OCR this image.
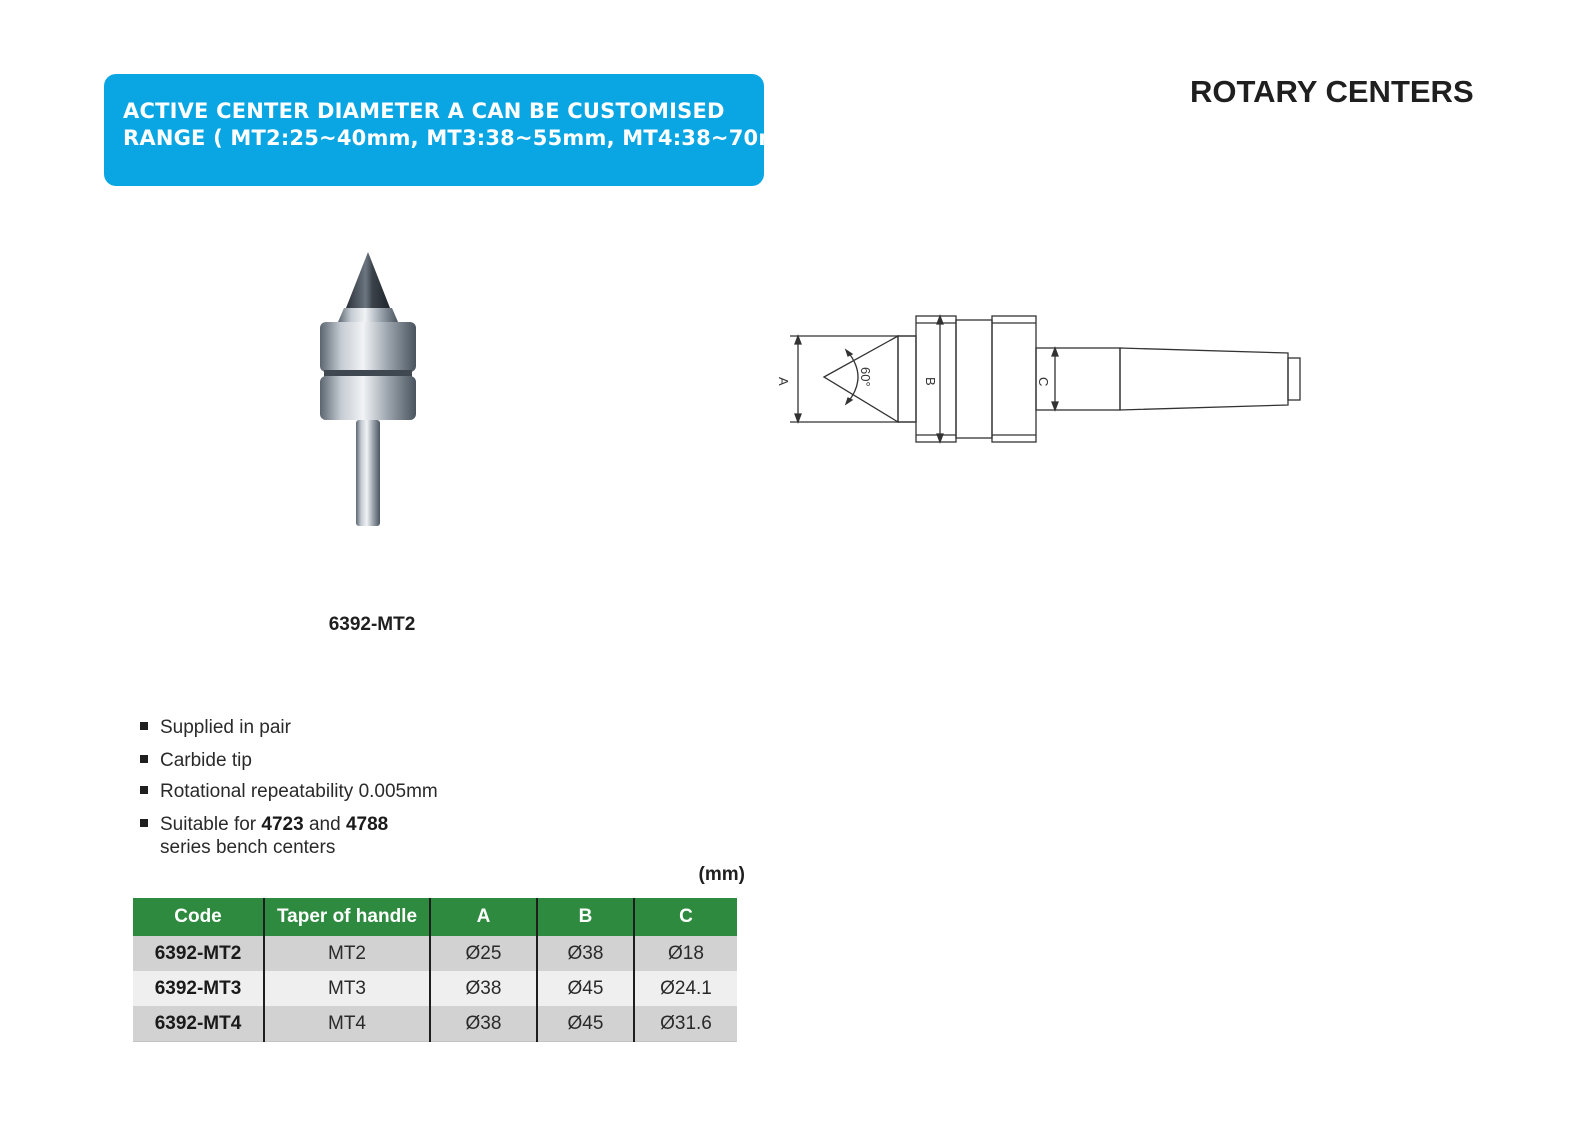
ACTIVE CENTER DIAMETER A CAN BE CUSTOMISED
RANGE ( MT2:25~40mm, MT3:38~55mm, MT4:38~70mm )
ROTARY CENTERS
6392-MT2
A	B	C
60°
Supplied in pair
Carbide tip
Rotational repeatability 0.005mm
Suitable for 4723 and 4788
series bench centers
(mm)
Code	Taper of handle	A	B	C
6392-MT2	MT2	Ø25	Ø38	Ø18
6392-MT3	MT3	Ø38	Ø45	Ø24.1
6392-MT4	MT4	Ø38	Ø45	Ø31.6
